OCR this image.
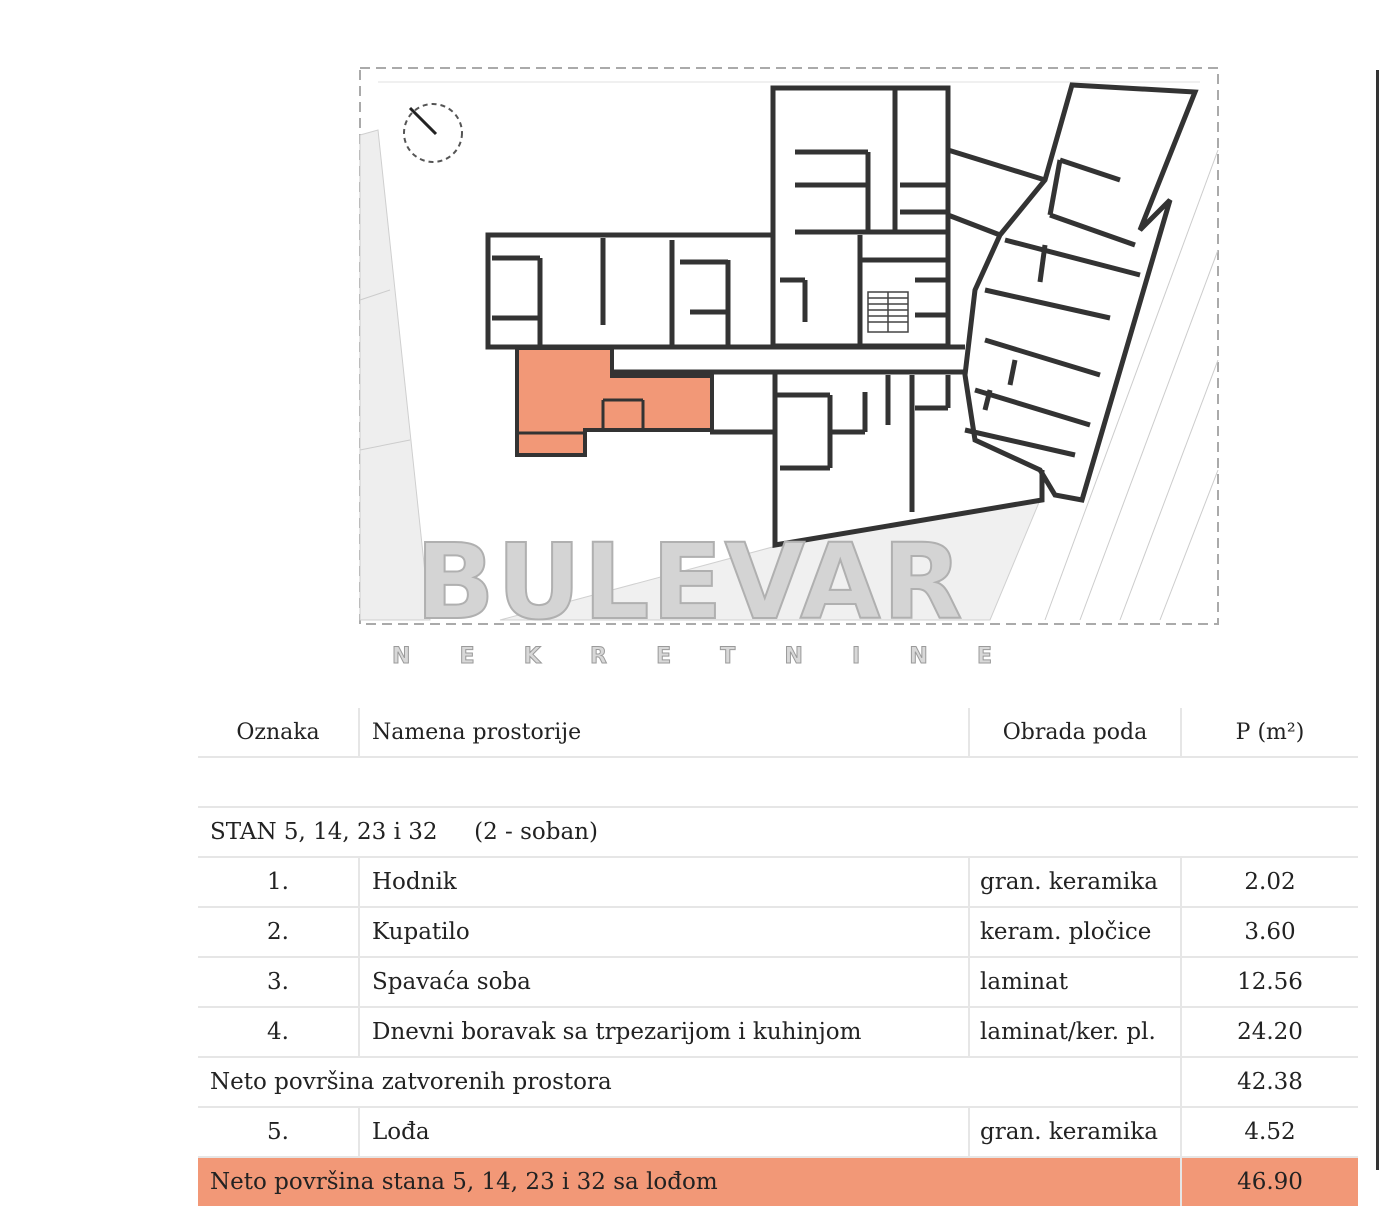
BULEVAR
N E K R E T N I N E
Oznaka	Namena prostorije	Obrada poda	P (m²)

STAN 5, 14, 23 i 32     (2 - soban)			
1.	Hodnik	gran. keramika	2.02
2.	Kupatilo	keram. pločice	3.60
3.	Spavaća soba	laminat	12.56
4.	Dnevni boravak sa trpezarijom i kuhinjom	laminat/ker. pl.	24.20
Neto površina zatvorenih prostora			42.38
5.	Lođa	gran. keramika	4.52
Neto površina stana 5, 14, 23 i 32 sa lođom			46.90
